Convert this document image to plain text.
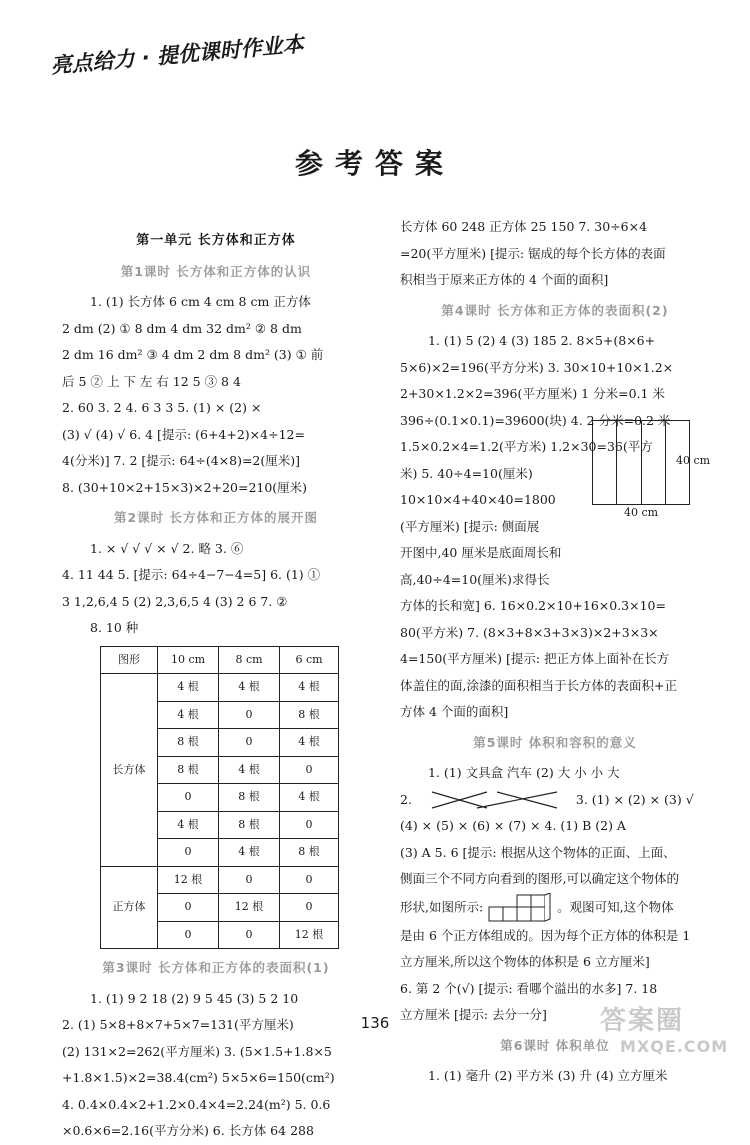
亮点给力 · 提优课时作业本
参考答案
第一单元 长方体和正方体
第1课时 长方体和正方体的认识
1. (1) 长方体 6 cm 4 cm 8 cm 正方体
2 dm (2) ① 8 dm 4 dm 32 dm² ② 8 dm
2 dm 16 dm² ③ 4 dm 2 dm 8 dm² (3) ① 前
后 5 ② 上 下 左 右 12 5 ③ 8 4
2. 60 3. 2 4. 6 3 3 5. (1) × (2) ×
(3) √ (4) √ 6. 4 [提示: (6+4+2)×4÷12=
4(分米)] 7. 2 [提示: 64÷(4×8)=2(厘米)]
8. (30+10×2+15×3)×2+20=210(厘米)
第2课时 长方体和正方体的展开图
1. × √ √ √ × √ 2. 略 3. ⑥
4. 11 44 5. [提示: 64÷4−7−4=5] 6. (1) ①
3 1,2,6,4 5 (2) 2,3,6,5 4 (3) 2 6 7. ②
8. 10 种
图形	10 cm	8 cm	6 cm
长方体	4 根	4 根	4 根
	4 根	0	8 根
	8 根	0	4 根
	8 根	4 根	0
	0	8 根	4 根
	4 根	8 根	0
	0	4 根	8 根
正方体	12 根	0	0
	0	12 根	0
	0	0	12 根
第3课时 长方体和正方体的表面积(1)
1. (1) 9 2 18 (2) 9 5 45 (3) 5 2 10
2. (1) 5×8+8×7+5×7=131(平方厘米)
(2) 131×2=262(平方厘米) 3. (5×1.5+1.8×5
+1.8×1.5)×2=38.4(cm²) 5×5×6=150(cm²)
4. 0.4×0.4×2+1.2×0.4×4=2.24(m²) 5. 0.6
×0.6×6=2.16(平方分米) 6. 长方体 64 288
长方体 60 248 正方体 25 150 7. 30÷6×4
=20(平方厘米) [提示: 锯成的每个长方体的表面
积相当于原来正方体的 4 个面的面积]
第4课时 长方体和正方体的表面积(2)
1. (1) 5 (2) 4 (3) 185 2. 8×5+(8×6+
5×6)×2=196(平方分米) 3. 30×10+10×1.2×
2+30×1.2×2=396(平方厘米) 1 分米=0.1 米
396÷(0.1×0.1)=39600(块) 4. 2 分米=0.2 米
1.5×0.2×4=1.2(平方米) 1.2×30=36(平方
米) 5. 40÷4=10(厘米)
10×10×4+40×40=1800
(平方厘米) [提示: 侧面展
开图中,40 厘米是底面周长和
高,40÷4=10(厘米)求得长
方体的长和宽] 6. 16×0.2×10+16×0.3×10=
80(平方米) 7. (8×3+8×3+3×3)×2+3×3×
4=150(平方厘米) [提示: 把正方体上面补在长方
体盖住的面,涂漆的面积相当于长方体的表面积+正
方体 4 个面的面积]
第5课时 体积和容积的意义
1. (1) 文具盒 汽车 (2) 大 小 小 大
2.	3. (1) × (2) × (3) √
(4) × (5) × (6) × (7) × 4. (1) B (2) A
(3) A 5. 6 [提示: 根据从这个物体的正面、上面、
侧面三个不同方向看到的图形,可以确定这个物体的
形状,如图所示:	。观图可知,这个物体
是由 6 个正方体组成的。因为每个正方体的体积是 1
立方厘米,所以这个物体的体积是 6 立方厘米]
6. 第 2 个(√) [提示: 看哪个溢出的水多] 7. 18
立方厘米 [提示: 去分一分]
第6课时 体积单位
1. (1) 毫升 (2) 平方米 (3) 升 (4) 立方厘米
40 cm
40 cm
136	答案圈
MXQE.COM
